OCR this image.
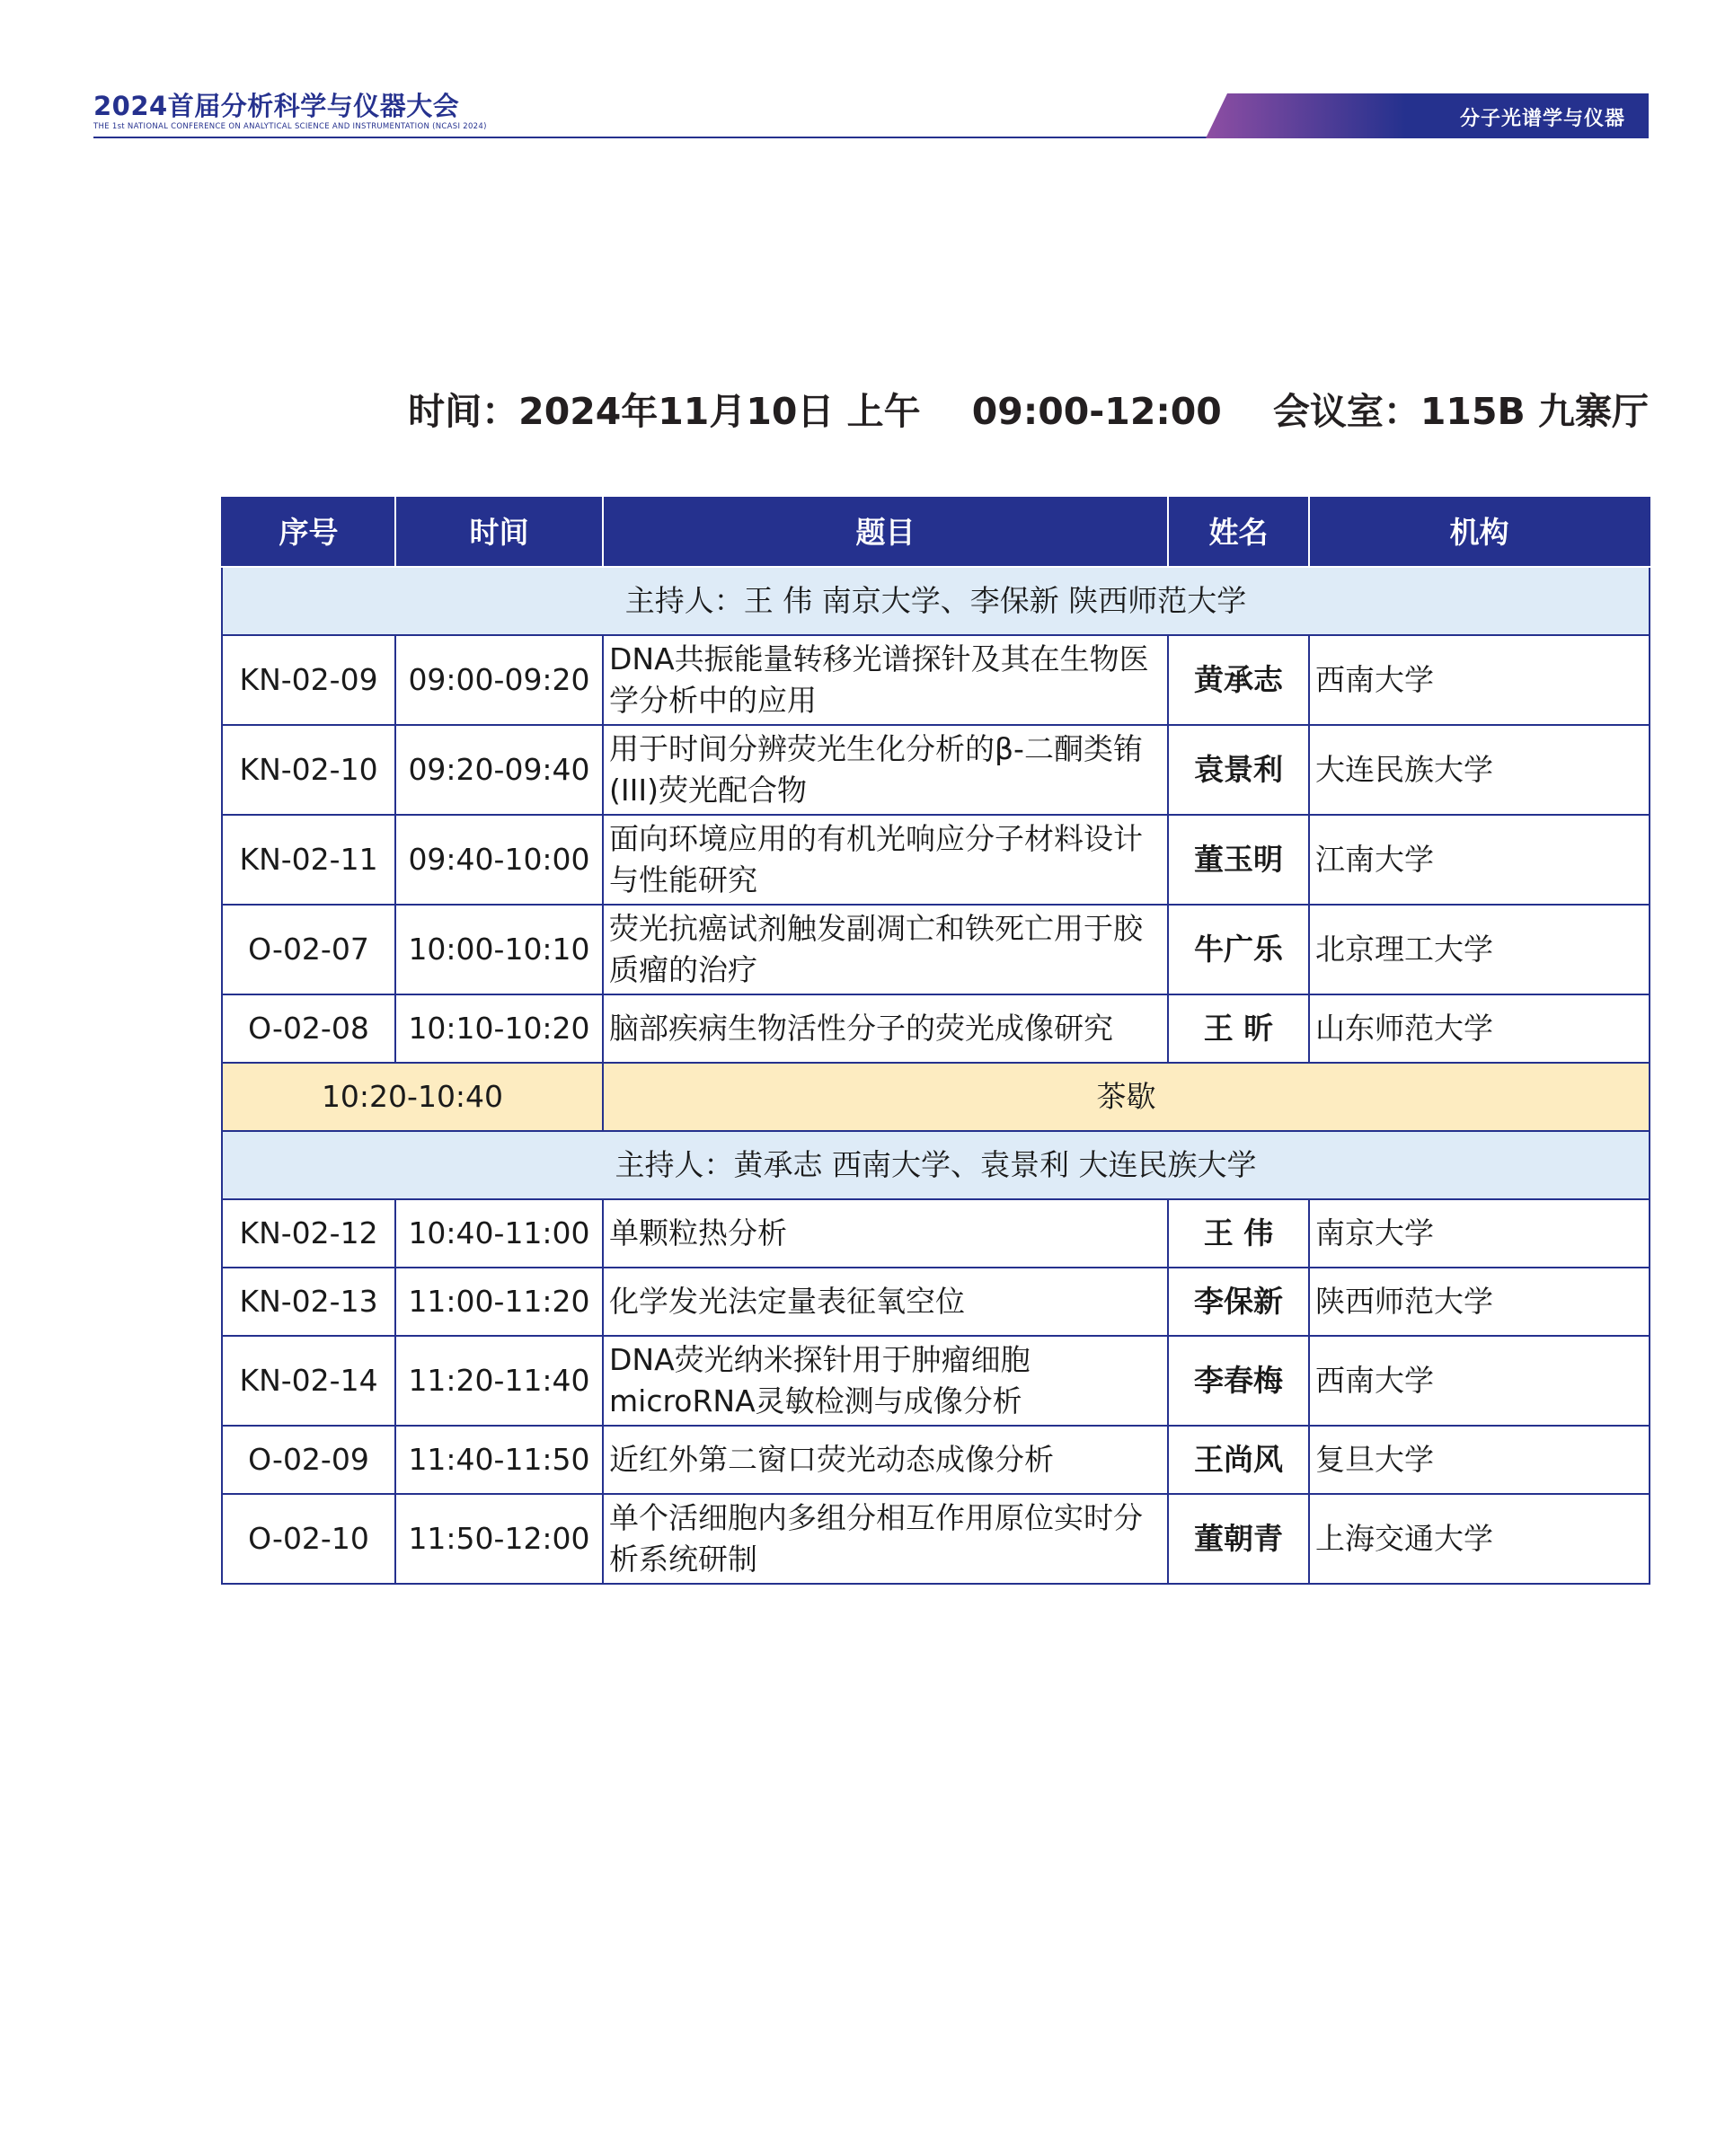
2024首届分析科学与仪器大会
THE 1st NATIONAL CONFERENCE ON ANALYTICAL SCIENCE AND INSTRUMENTATION (NCASI 2024)	分子光谱学与仪器
时间：2024年11月10日 上午    09:00-12:00    会议室：115B 九寨厅
序号	时间	题目	姓名	机构
主持人：王 伟 南京大学、李保新 陕西师范大学				
KN-02-09	09:00-09:20	DNA共振能量转移光谱探针及其在生物医学分析中的应用	黄承志	西南大学
KN-02-10	09:20-09:40	用于时间分辨荧光生化分析的β-二酮类铕(III)荧光配合物	袁景利	大连民族大学
KN-02-11	09:40-10:00	面向环境应用的有机光响应分子材料设计与性能研究	董玉明	江南大学
O-02-07	10:00-10:10	荧光抗癌试剂触发副凋亡和铁死亡用于胶质瘤的治疗	牛广乐	北京理工大学
O-02-08	10:10-10:20	脑部疾病生物活性分子的荧光成像研究	王 昕	山东师范大学
10:20-10:40		茶歇		
主持人：黄承志 西南大学、袁景利 大连民族大学				
KN-02-12	10:40-11:00	单颗粒热分析	王 伟	南京大学
KN-02-13	11:00-11:20	化学发光法定量表征氧空位	李保新	陕西师范大学
KN-02-14	11:20-11:40	DNA荧光纳米探针用于肿瘤细胞microRNA灵敏检测与成像分析	李春梅	西南大学
O-02-09	11:40-11:50	近红外第二窗口荧光动态成像分析	王尚风	复旦大学
O-02-10	11:50-12:00	单个活细胞内多组分相互作用原位实时分析系统研制	董朝青	上海交通大学
